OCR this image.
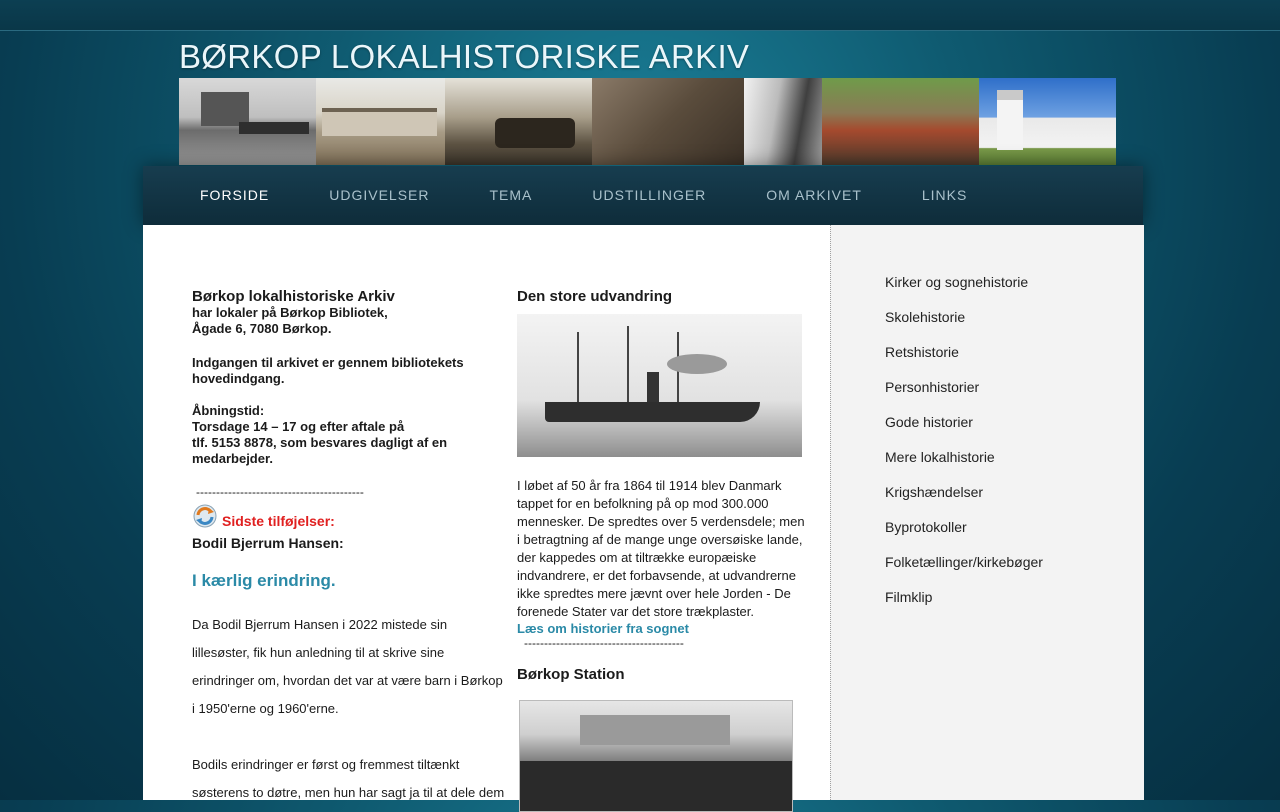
BØRKOP LOKALHISTORISKE ARKIV
FORSIDE	UDGIVELSER	TEMA	UDSTILLINGER	OM ARKIVET	LINKS
Kirker og sognehistorie
Skolehistorie
Retshistorie
Personhistorier
Gode historier
Mere lokalhistorie
Krigshændelser
Byprotokoller
Folketællinger/kirkebøger
Filmklip

Børkop lokalhistoriske Arkiv

har lokaler på Børkop Bibliotek,
Ågade 6, 7080 Børkop.
Indgangen til arkivet er gennem bibliotekets hovedindgang.
Åbningstid:
Torsdage 14 – 17 og efter aftale på
tlf. 5153 8878, som besvares dagligt af en medarbejder.
------------------------------------------
Sidste tilføjelser:
Bodil Bjerrum Hansen:
I kærlig erindring.
Da Bodil Bjerrum Hansen i 2022 mistede sin lillesøster, fik hun anledning til at skrive sine erindringer om, hvordan det var at være barn i Børkop i 1950'erne og 1960'erne.
Bodils erindringer er først og fremmest tiltænkt søsterens to døtre, men hun har sagt ja til at dele dem

Den store udvandring

I løbet af 50 år fra 1864 til 1914 blev Danmark tappet for en befolkning på op mod 300.000 mennesker. De spredtes over 5 verdensdele; men i betragtning af de mange unge oversøiske lande, der kappedes om at tiltrække europæiske indvandrere, er det forbavsende, at udvandrerne ikke spredtes mere jævnt over hele Jorden - De forenede Stater var det store trækplaster.
Læs om historier fra sognet
----------------------------------------

Børkop Station
